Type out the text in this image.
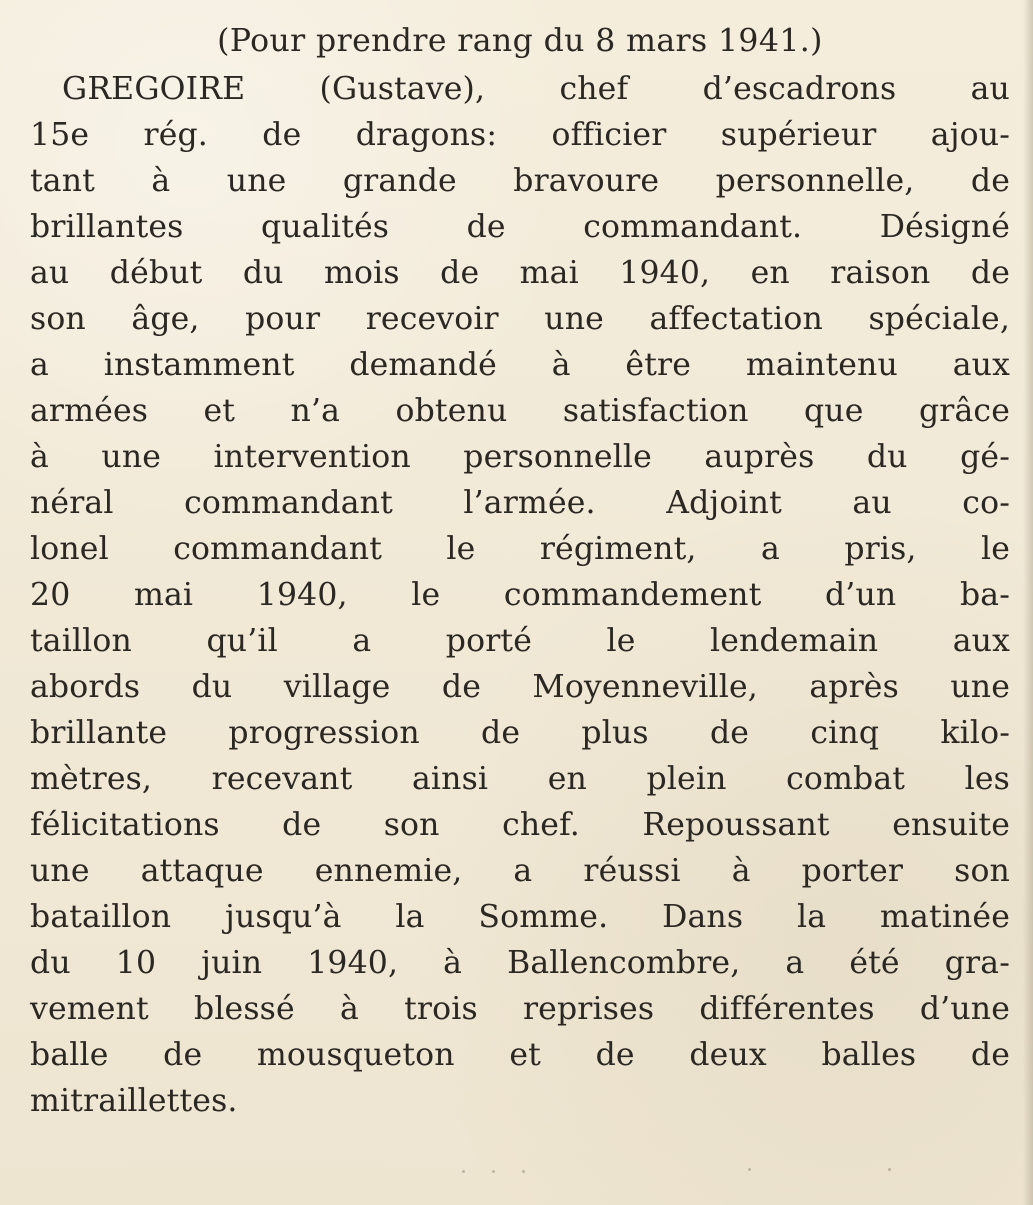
(Pour prendre rang du 8 mars 1941.)
GREGOIRE (Gustave), chef d’escadrons au
15e rég. de dragons: officier supérieur ajou-
tant à une grande bravoure personnelle, de
brillantes qualités de commandant. Désigné
au début du mois de mai 1940, en raison de
son âge, pour recevoir une affectation spéciale,
a instamment demandé à être maintenu aux
armées et n’a obtenu satisfaction que grâce
à une intervention personnelle auprès du gé-
néral commandant l’armée. Adjoint au co-
lonel commandant le régiment, a pris, le
20 mai 1940, le commandement d’un ba-
taillon qu’il a porté le lendemain aux
abords du village de Moyenneville, après une
brillante progression de plus de cinq kilo-
mètres, recevant ainsi en plein combat les
félicitations de son chef. Repoussant ensuite
une attaque ennemie, a réussi à porter son
bataillon jusqu’à la Somme. Dans la matinée
du 10 juin 1940, à Ballencombre, a été gra-
vement blessé à trois reprises différentes d’une
balle de mousqueton et de deux balles de
mitraillettes.
